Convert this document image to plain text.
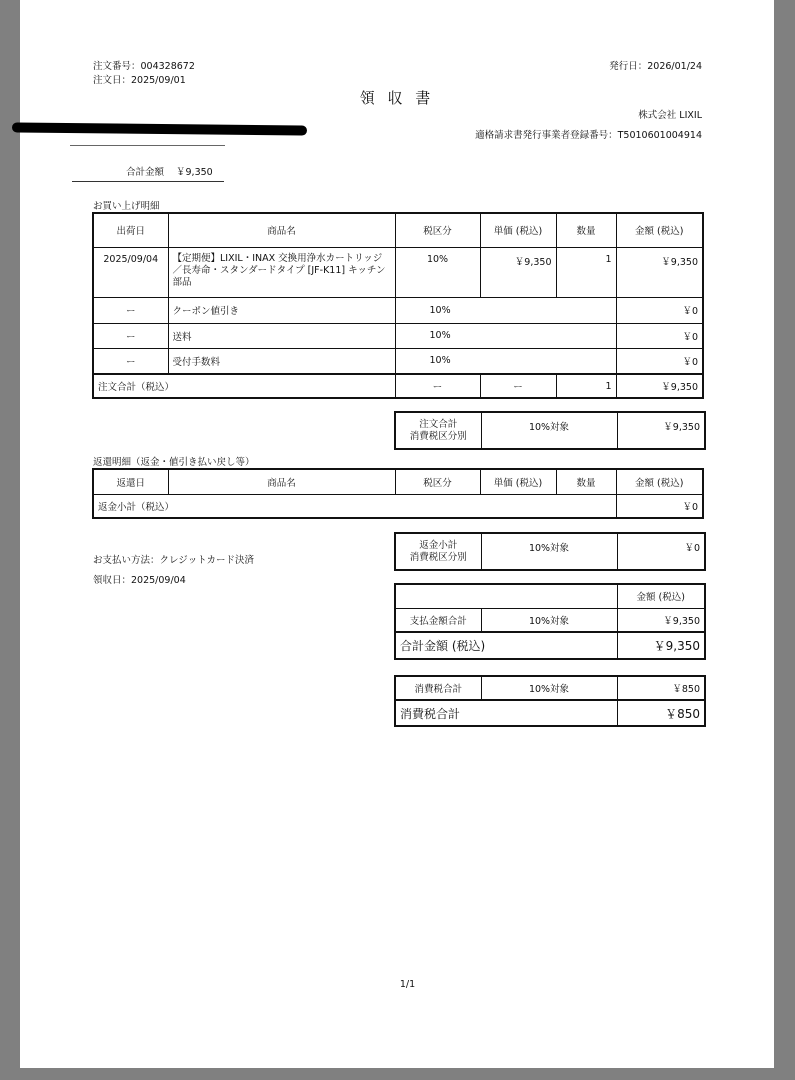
注文番号：004328672
注文日：2025/09/01
発行日：2026/01/24
領 収 書
株式会社 LIXIL
適格請求書発行事業者登録番号：T5010601004914
合計金額 ￥9,350
お買い上げ明細
出荷日	商品名	税区分	単価 (税込)	数量	金額 (税込)
2025/09/04	【定期便】LIXIL・INAX 交換用浄水カートリッジ／長寿命・スタンダードタイプ [JF-K11] キッチン部品	10%	￥9,350	1	￥9,350
ー	クーポン値引き	10%			￥0
ー	送料	10%			￥0
ー	受付手数料	10%			￥0
注文合計（税込）		ー	ー	1	￥9,350
注文合計
消費税区分別
	10%対象	￥9,350
返還明細（返金・値引き払い戻し等）
返還日	商品名	税区分	単価 (税込)	数量	金額 (税込)
返金小計（税込）					￥0
返金小計
消費税区分別
	10%対象	￥0
お支払い方法：クレジットカード決済
領収日：2025/09/04
		金額 (税込)
支払金額合計	10%対象	￥9,350
合計金額 (税込)		￥9,350
消費税合計	10%対象	￥850
消費税合計		￥850
1/1
